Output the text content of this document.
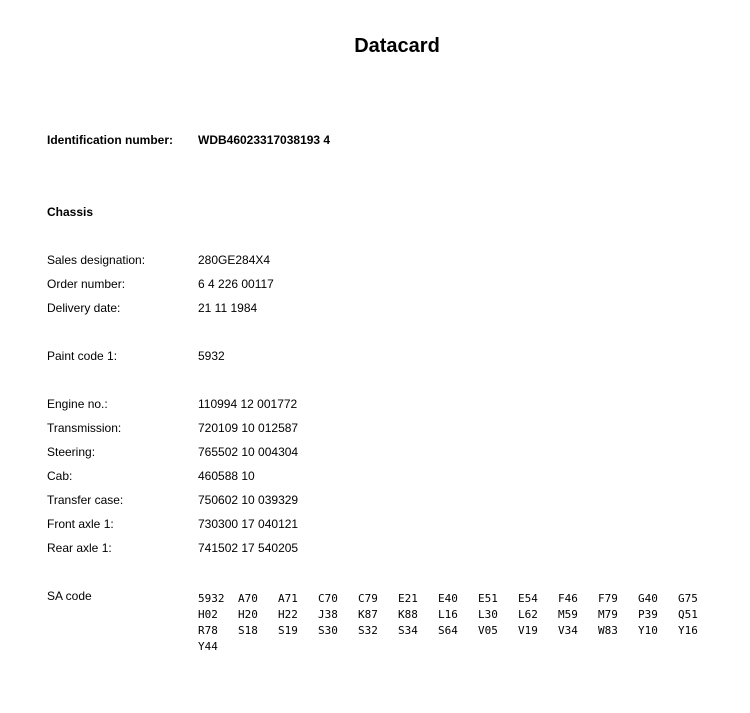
Datacard
Identification number: WDB46023317038193 4
Chassis
Sales designation:	280GE284X4
Order number:	6 4 226 00117
Delivery date:	21 11 1984
Paint code 1:	5932
Engine no.:	110994 12 001772
Transmission:	720109 10 012587
Steering:	765502 10 004304
Cab:	460588 10
Transfer case:	750602 10 039329
Front axle 1:	730300 17 040121
Rear axle 1:	741502 17 540205
SA code	5932	A70	A71	C70	C79	E21	E40	E51	E54	F46	F79	G40	G75
H02	H20	H22	J38	K87	K88	L16	L30	L62	M59	M79	P39	Q51
R78	S18	S19	S30	S32	S34	S64	V05	V19	V34	W83	Y10	Y16
Y44
